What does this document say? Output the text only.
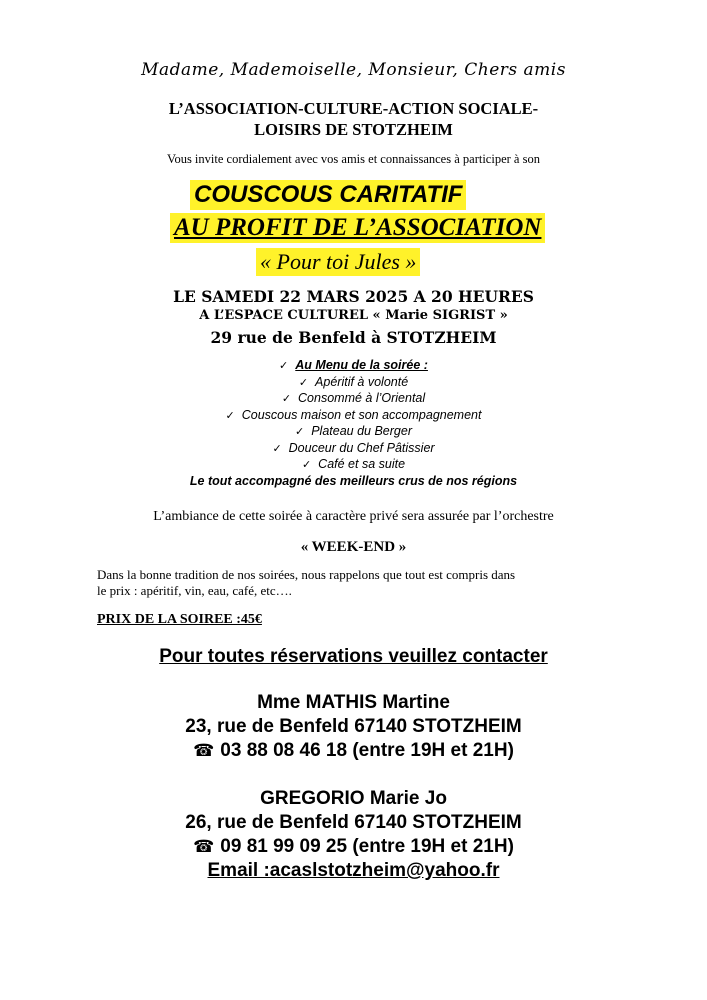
Madame, Mademoiselle, Monsieur, Chers amis
L’ASSOCIATION-CULTURE-ACTION SOCIALE-
LOISIRS DE STOTZHEIM
Vous invite cordialement avec vos amis et connaissances à participer à son
COUSCOUS CARITATIF
AU PROFIT DE L’ASSOCIATION
« Pour toi Jules »
LE SAMEDI 22 MARS 2025 A 20 HEURES
A L’ESPACE CULTUREL « Marie SIGRIST »
29 rue de Benfeld à STOTZHEIM
✓ Au Menu de la soirée :
✓ Apéritif à volonté
✓ Consommé à l’Oriental
✓ Couscous maison et son accompagnement
✓ Plateau du Berger
✓ Douceur du Chef Pâtissier
✓ Café et sa suite
Le tout accompagné des meilleurs crus de nos régions
L’ambiance de cette soirée à caractère privé sera assurée par l’orchestre
« WEEK-END »
Dans la bonne tradition de nos soirées, nous rappelons que tout est compris dans
le prix : apéritif, vin, eau, café, etc….
PRIX DE LA SOIREE :45€
Pour toutes réservations veuillez contacter
Mme MATHIS Martine
23, rue de Benfeld 67140 STOTZHEIM
☎ 03 88 08 46 18 (entre 19H et 21H)
GREGORIO Marie Jo
26, rue de Benfeld 67140 STOTZHEIM
☎ 09 81 99 09 25 (entre 19H et 21H)
Email :acaslstotzheim@yahoo.fr
